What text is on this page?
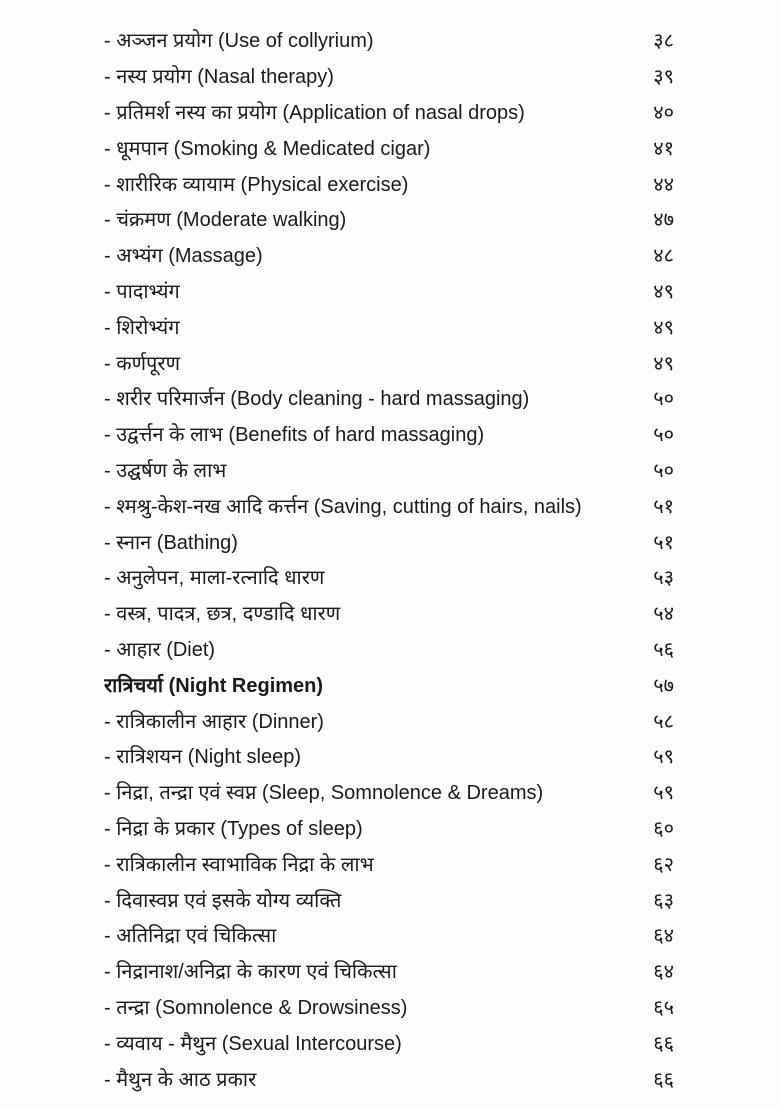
- अञ्जन प्रयोग (Use of collyrium)	३८
- नस्य प्रयोग (Nasal therapy)	३९
- प्रतिमर्श नस्य का प्रयोग (Application of nasal drops)	४०
- धूमपान (Smoking & Medicated cigar)	४१
- शारीरिक व्यायाम (Physical exercise)	४४
- चंक्रमण (Moderate walking)	४७
- अभ्यंग (Massage)	४८
- पादाभ्यंग	४९
- शिरोभ्यंग	४९
- कर्णपूरण	४९
- शरीर परिमार्जन (Body cleaning - hard massaging)	५०
- उद्वर्त्तन के लाभ (Benefits of hard massaging)	५०
- उद्घर्षण के लाभ	५०
- श्मश्रु-केश-नख आदि कर्त्तन (Saving, cutting of hairs, nails)	५१
- स्नान (Bathing)	५१
- अनुलेपन, माला-रत्नादि धारण	५३
- वस्त्र, पादत्र, छत्र, दण्डादि धारण	५४
- आहार (Diet)	५६
रात्रिचर्या (Night Regimen)	५७
- रात्रिकालीन आहार (Dinner)	५८
- रात्रिशयन (Night sleep)	५९
- निद्रा, तन्द्रा एवं स्वप्न (Sleep, Somnolence & Dreams)	५९
- निद्रा के प्रकार (Types of sleep)	६०
- रात्रिकालीन स्वाभाविक निद्रा के लाभ	६२
- दिवास्वप्न एवं इसके योग्य व्यक्ति	६३
- अतिनिद्रा एवं चिकित्सा	६४
- निद्रानाश/अनिद्रा के कारण एवं चिकित्सा	६४
- तन्द्रा (Somnolence & Drowsiness)	६५
- व्यवाय - मैथुन (Sexual Intercourse)	६६
- मैथुन के आठ प्रकार	६६
